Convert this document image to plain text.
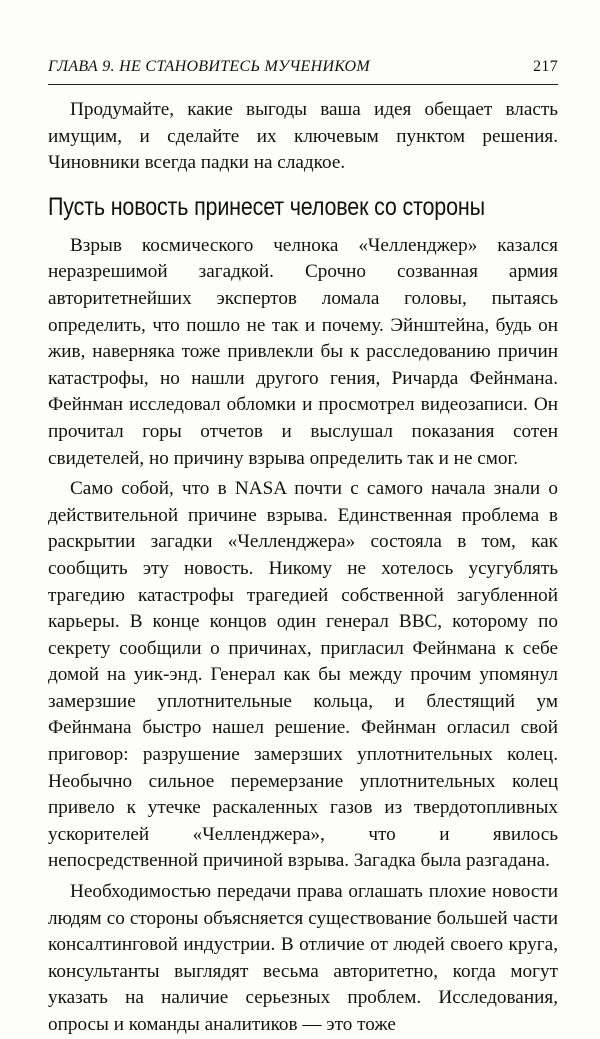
ГЛАВА 9. НЕ СТАНОВИТЕСЬ МУЧЕНИКОМ	217

Продумайте, какие выгоды ваша идея обещает власть имущим, и сделайте их ключевым пунктом решения. Чиновники всегда падки на сладкое.

Пусть новость принесет человек со стороны

Взрыв космического челнока «Челленджер» казался неразрешимой загадкой. Срочно созванная армия авторитетнейших экспертов ломала головы, пытаясь определить, что пошло не так и почему. Эйнштейна, будь он жив, наверняка тоже привлекли бы к расследованию причин катастрофы, но нашли другого гения, Ричарда Фейнмана. Фейнман исследовал обломки и просмотрел видеозаписи. Он прочитал горы отчетов и выслушал показания сотен свидетелей, но причину взрыва определить так и не смог.

Само собой, что в NASA почти с самого начала знали о действительной причине взрыва. Единственная проблема в раскрытии загадки «Челленджера» состояла в том, как сообщить эту новость. Никому не хотелось усугублять трагедию катастрофы трагедией собственной загубленной карьеры. В конце концов один генерал ВВС, которому по секрету сообщили о причинах, пригласил Фейнмана к себе домой на уик-энд. Генерал как бы между прочим упомянул замерзшие уплотнительные кольца, и блестящий ум Фейнмана быстро нашел решение. Фейнман огласил свой приговор: разрушение замерзших уплотнительных колец. Необычно сильное перемерзание уплотнительных колец привело к утечке раскаленных газов из твердотопливных ускорителей «Челленджера», что и явилось непосредственной причиной взрыва. Загадка была разгадана.

Необходимостью передачи права оглашать плохие новости людям со стороны объясняется существование большей части консалтинговой индустрии. В отличие от людей своего круга, консультанты выглядят весьма авторитетно, когда могут указать на наличие серьезных проблем. Исследования, опросы и команды аналитиков — это тоже
